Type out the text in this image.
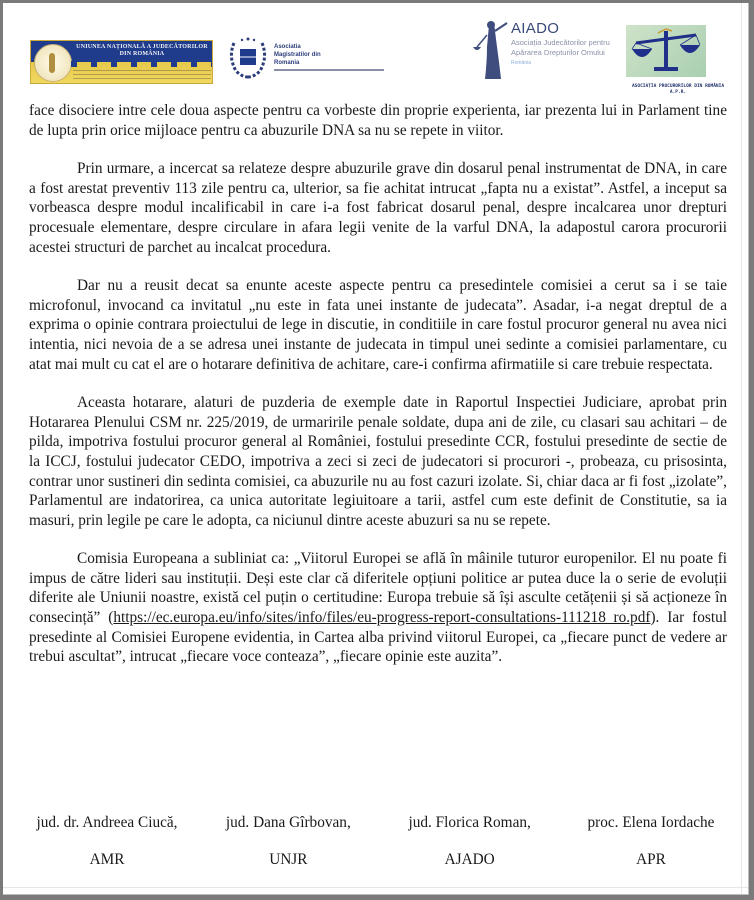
UNIUNEA NAȚIONALĂ A JUDECĂTORILOR DIN ROMÂNIA
Asociatia
Magistratilor din
Romania
AIADO
Asociația Judecătorilor pentru
Apărarea Drepturilor Omului
România
ASOCIAȚIA PROCURORILOR DIN ROMÂNIA
A.P.R.

face disociere intre cele doua aspecte pentru ca vorbeste din proprie experienta, iar prezenta lui in Parlament tine de lupta prin orice mijloace pentru ca abuzurile DNA sa nu se repete in viitor.

Prin urmare, a incercat sa relateze despre abuzurile grave din dosarul penal instrumentat de DNA, in care a fost arestat preventiv 113 zile pentru ca, ulterior, sa fie achitat intrucat „fapta nu a existat”. Astfel, a inceput sa vorbeasca despre modul incalificabil in care i-a fost fabricat dosarul penal, despre incalcarea unor drepturi procesuale elementare, despre circulare in afara legii venite de la varful DNA, la adapostul carora procurorii acestei structuri de parchet au incalcat procedura.

Dar nu a reusit decat sa enunte aceste aspecte pentru ca presedintele comisiei a cerut sa i se taie microfonul, invocand ca invitatul „nu este in fata unei instante de judecata”. Asadar, i-a negat dreptul de a exprima o opinie contrara proiectului de lege in discutie, in conditiile in care fostul procuror general nu avea nici intentia, nici nevoia de a se adresa unei instante de judecata in timpul unei sedinte a comisiei parlamentare, cu atat mai mult cu cat el are o hotarare definitiva de achitare, care-i confirma afirmatiile si care trebuie respectata.

Aceasta hotarare, alaturi de puzderia de exemple date in Raportul Inspectiei Judiciare, aprobat prin Hotararea Plenului CSM nr. 225/2019, de urmaririle penale soldate, dupa ani de zile, cu clasari sau achitari – de pilda, impotriva fostului procuror general al României, fostului presedinte CCR, fostului presedinte de sectie de la ICCJ, fostului judecator CEDO, impotriva a zeci si zeci de judecatori si procurori -, probeaza, cu prisosinta, contrar unor sustineri din sedinta comisiei, ca abuzurile nu au fost cazuri izolate. Si, chiar daca ar fi fost „izolate”, Parlamentul are indatorirea, ca unica autoritate legiuitoare a tarii, astfel cum este definit de Constitutie, sa ia masuri, prin legile pe care le adopta, ca niciunul dintre aceste abuzuri sa nu se repete.

Comisia Europeana a subliniat ca: „Viitorul Europei se află în mâinile tuturor europenilor. El nu poate fi impus de către lideri sau instituții. Deși este clar că diferitele opțiuni politice ar putea duce la o serie de evoluții diferite ale Uniunii noastre, există cel puțin o certitudine: Europa trebuie să își asculte cetățenii și să acționeze în consecință” (https://ec.europa.eu/info/sites/info/files/eu-progress-report-consultations-111218_ro.pdf). Iar fostul presedinte al Comisiei Europene evidentia, in Cartea alba privind viitorul Europei, ca „fiecare punct de vedere ar trebui ascultat”, intrucat „fiecare voce conteaza”, „fiecare opinie este auzita”.

jud. dr. Andreea Ciucă,
AMR
jud. Dana Gîrbovan,
UNJR
jud. Florica Roman,
AJADO
proc. Elena Iordache
APR
